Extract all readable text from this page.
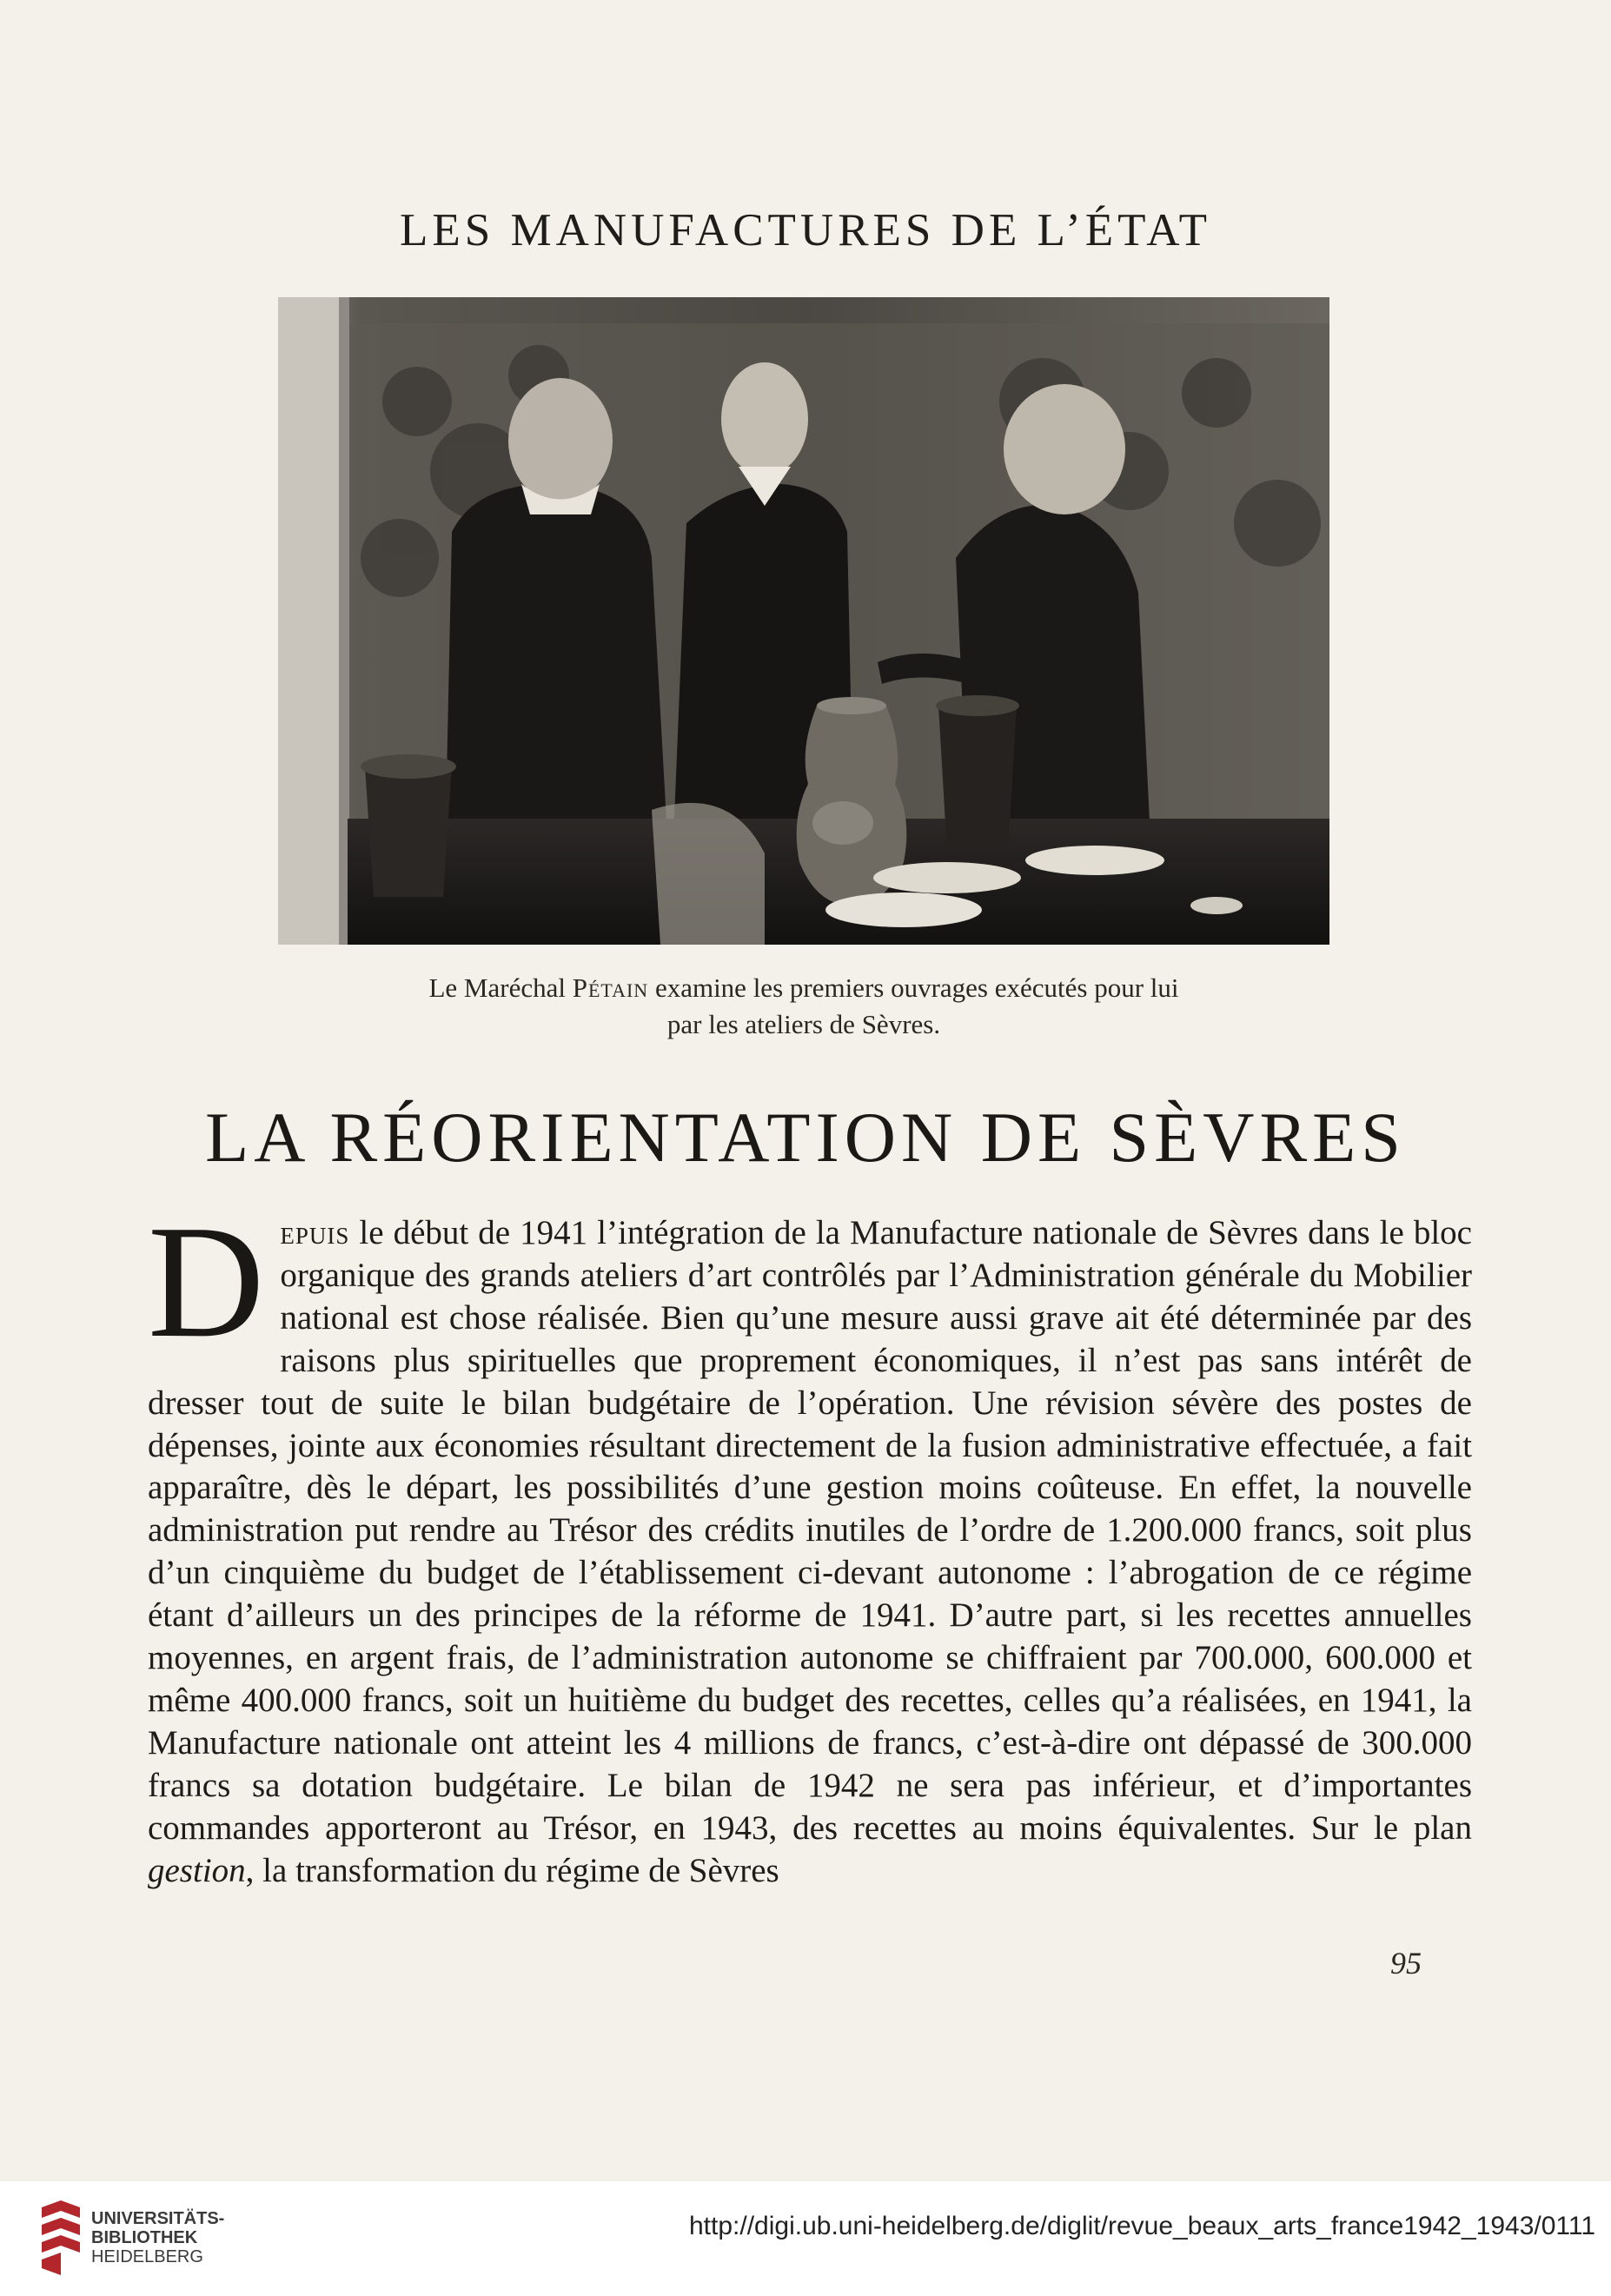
LES MANUFACTURES DE L’ÉTAT
Le Maréchal Pétain examine les premiers ouvrages exécutés pour lui
par les ateliers de Sèvres.
LA RÉORIENTATION DE SÈVRES
Depuis le début de 1941 l’intégration de la Manufacture nationale de Sèvres dans le bloc organique des grands ateliers d’art contrôlés par l’Administration générale du Mobilier national est chose réalisée. Bien qu’une mesure aussi grave ait été déterminée par des raisons plus spirituelles que proprement économiques, il n’est pas sans intérêt de dresser tout de suite le bilan budgétaire de l’opération. Une révision sévère des postes de dépenses, jointe aux économies résultant directement de la fusion administrative effectuée, a fait apparaître, dès le départ, les possibilités d’une gestion moins coûteuse. En effet, la nouvelle administration put rendre au Trésor des crédits inutiles de l’ordre de 1.200.000 francs, soit plus d’un cinquième du budget de l’établissement ci-devant autonome : l’abrogation de ce régime étant d’ailleurs un des principes de la réforme de 1941. D’autre part, si les recettes annuelles moyennes, en argent frais, de l’administration autonome se chiffraient par 700.000, 600.000 et même 400.000 francs, soit un huitième du budget des recettes, celles qu’a réalisées, en 1941, la Manufacture nationale ont atteint les 4 millions de francs, c’est-à-dire ont dépassé de 300.000 francs sa dotation budgétaire. Le bilan de 1942 ne sera pas inférieur, et d’importantes commandes apporteront au Trésor, en 1943, des recettes au moins équivalentes. Sur le plan gestion, la transformation du régime de Sèvres
95
UNIVERSITÄTS-
BIBLIOTHEK
HEIDELBERG
http://digi.ub.uni-heidelberg.de/diglit/revue_beaux_arts_france1942_1943/0111
